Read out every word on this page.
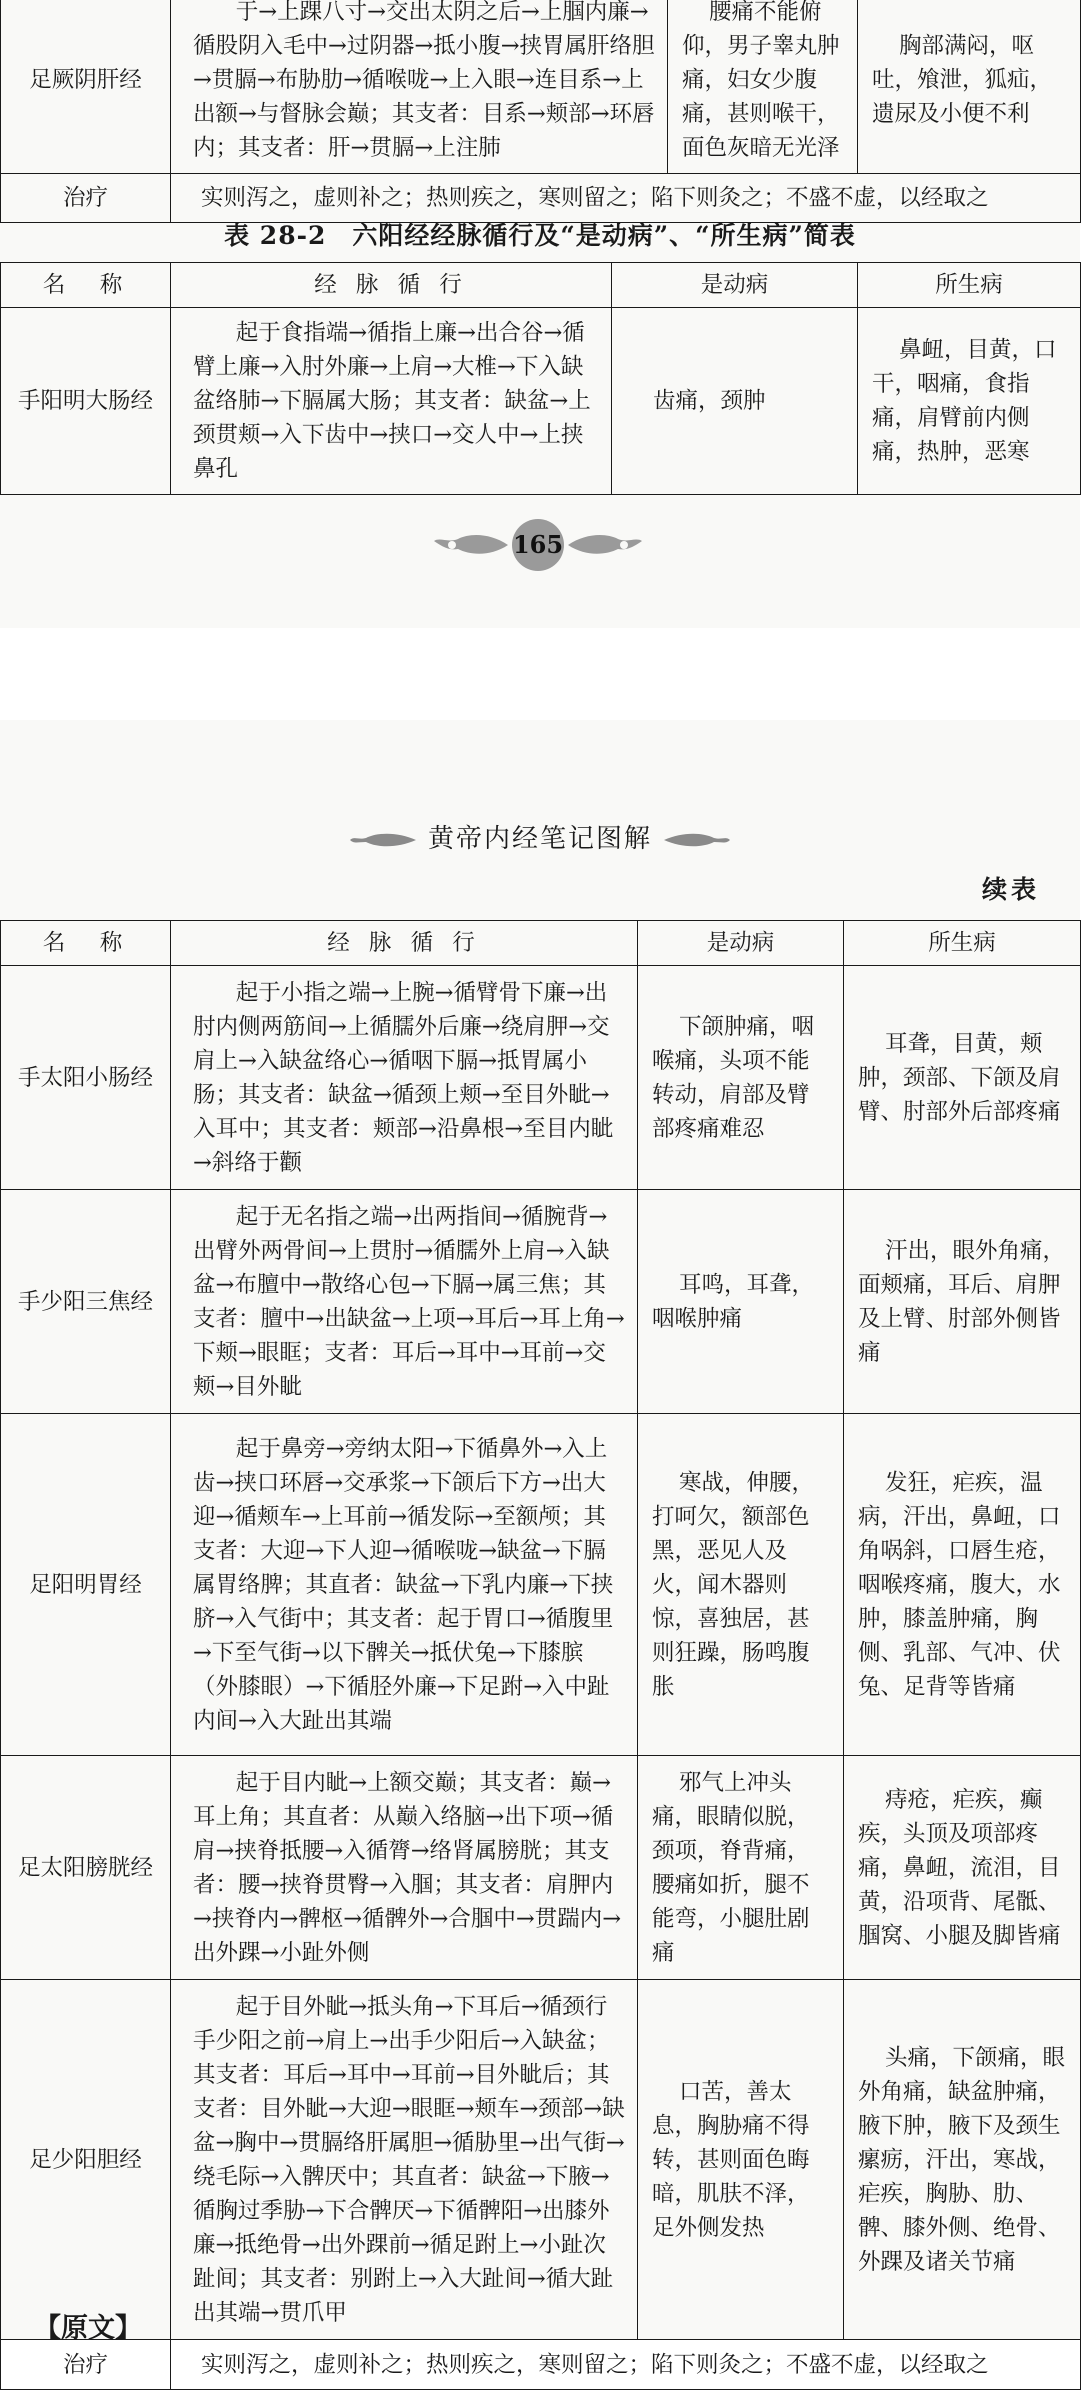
足厥阴肝经	于→上踝八寸→交出太阴之后→上腘内廉→循股阴入毛中→过阴器→抵小腹→挟胃属肝络胆→贯膈→布胁肋→循喉咙→上入眼→连目系→上出额→与督脉会巅；其支者：目系→颊部→环唇内；其支者：肝→贯膈→上注肺	腰痛不能俯仰，男子睾丸肿痛，妇女少腹痛，甚则喉干，面色灰暗无光泽	胸部满闷，呕吐，飧泄，狐疝，遗尿及小便不利
治疗	实则泻之，虚则补之；热则疾之，寒则留之；陷下则灸之；不盛不虚，以经取之		
表 28-2　六阳经经脉循行及“是动病”、“所生病”简表
名　称	经 脉 循 行	是动病	所生病
手阳明大肠经	起于食指端→循指上廉→出合谷→循臂上廉→入肘外廉→上肩→大椎→下入缺盆络肺→下膈属大肠；其支者：缺盆→上颈贯颊→入下齿中→挟口→交人中→上挟鼻孔	齿痛，颈肿	鼻衄，目黄，口干，咽痛，食指痛，肩臂前内侧痛，热肿，恶寒
165
黄帝内经笔记图解
续表
名　称	经 脉 循 行	是动病	所生病
手太阳小肠经	起于小指之端→上腕→循臂骨下廉→出肘内侧两筋间→上循臑外后廉→绕肩胛→交肩上→入缺盆络心→循咽下膈→抵胃属小肠；其支者：缺盆→循颈上颊→至目外眦→入耳中；其支者：颊部→沿鼻根→至目内眦→斜络于颧	下颌肿痛，咽喉痛，头项不能转动，肩部及臂部疼痛难忍	耳聋，目黄，颊肿，颈部、下颌及肩臂、肘部外后部疼痛
手少阳三焦经	起于无名指之端→出两指间→循腕背→出臂外两骨间→上贯肘→循臑外上肩→入缺盆→布膻中→散络心包→下膈→属三焦；其支者：膻中→出缺盆→上项→耳后→耳上角→下颊→眼眶；支者：耳后→耳中→耳前→交颊→目外眦	耳鸣，耳聋，咽喉肿痛	汗出，眼外角痛，面颊痛，耳后、肩胛及上臂、肘部外侧皆痛
足阳明胃经	起于鼻旁→旁纳太阳→下循鼻外→入上齿→挟口环唇→交承浆→下颌后下方→出大迎→循颊车→上耳前→循发际→至额颅；其支者：大迎→下人迎→循喉咙→缺盆→下膈属胃络脾；其直者：缺盆→下乳内廉→下挟脐→入气街中；其支者：起于胃口→循腹里→下至气街→以下髀关→抵伏兔→下膝膑（外膝眼）→下循胫外廉→下足跗→入中趾内间→入大趾出其端	寒战，伸腰，打呵欠，额部色黑，恶见人及火，闻木器则惊，喜独居，甚则狂躁，肠鸣腹胀	发狂，疟疾，温病，汗出，鼻衄，口角㖞斜，口唇生疮，咽喉疼痛，腹大，水肿，膝盖肿痛，胸侧、乳部、气冲、伏兔、足背等皆痛
足太阳膀胱经	起于目内眦→上额交巅；其支者：巅→耳上角；其直者：从巅入络脑→出下项→循肩→挟脊抵腰→入循膂→络肾属膀胱；其支者：腰→挟脊贯臀→入腘；其支者：肩胛内→挟脊内→髀枢→循髀外→合腘中→贯踹内→出外踝→小趾外侧	邪气上冲头痛，眼睛似脱，颈项，脊背痛，腰痛如折，腿不能弯，小腿肚剧痛	痔疮，疟疾，癫疾，头顶及项部疼痛，鼻衄，流泪，目黄，沿项背、尾骶、腘窝、小腿及脚皆痛
足少阳胆经	起于目外眦→抵头角→下耳后→循颈行手少阳之前→肩上→出手少阳后→入缺盆；其支者：耳后→耳中→耳前→目外眦后；其支者：目外眦→大迎→眼眶→颊车→颈部→缺盆→胸中→贯膈络肝属胆→循胁里→出气街→绕毛际→入髀厌中；其直者：缺盆→下腋→循胸过季胁→下合髀厌→下循髀阳→出膝外廉→抵绝骨→出外踝前→循足跗上→小趾次趾间；其支者：别跗上→入大趾间→循大趾出其端→贯爪甲	口苦，善太息，胸胁痛不得转，甚则面色晦暗，肌肤不泽，足外侧发热	头痛，下颌痛，眼外角痛，缺盆肿痛，腋下肿，腋下及颈生瘰疬，汗出，寒战，疟疾，胸胁、肋、髀、膝外侧、绝骨、外踝及诸关节痛
治疗	实则泻之，虚则补之；热则疾之，寒则留之；陷下则灸之；不盛不虚，以经取之		
【原文】
